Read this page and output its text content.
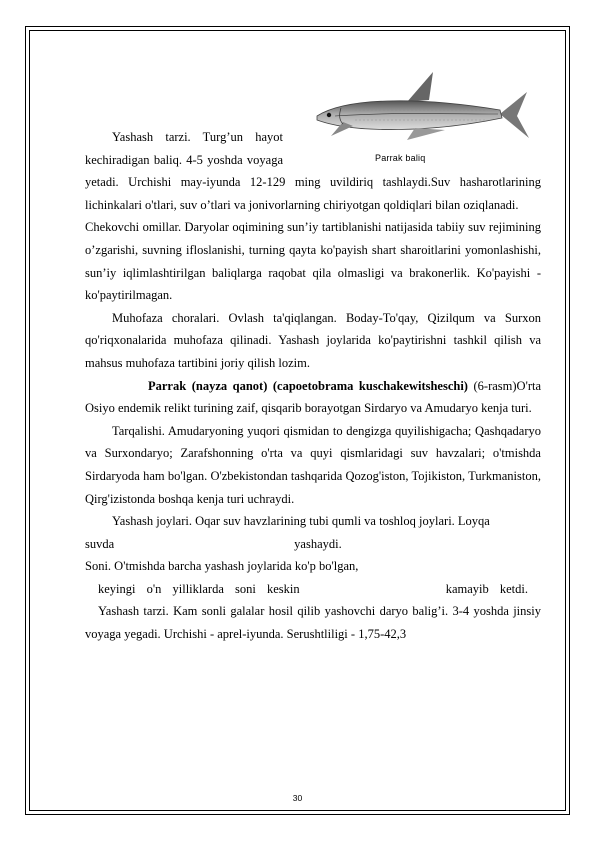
Parrak baliq

Yashash tarzi. Turg’un hayot kechiradigan baliq. 4-5 yoshda voyaga yetadi. Urchishi may-iyunda 12-129 ming uvildiriq tashlaydi.Suv hasharotlarining lichinkalari o'tlari, suv o’tlari va jonivorlarning chiriyotgan qoldiqlari bilan oziqlanadi.

Chekovchi omillar. Daryolar oqimining sun’iy tartiblanishi natijasida tabiiy suv rejimining o’zgarishi, suvning ifloslanishi, turning qayta ko'payish shart sharoitlarini yomonlashishi, sun’iy iqlimlashtirilgan baliqlarga raqobat qila olmasligi va brakonerlik. Ko'payishi - ko'paytirilmagan.

Muhofaza choralari. Ovlash ta'qiqlangan. Boday-To'qay, Qizilqum va Surxon qo'riqxonalarida muhofaza qilinadi. Yashash joylarida ko'paytirishni tashkil qilish va mahsus muhofaza tartibini joriy qilish lozim.

Parrak (nayza qanot) (capoetobrama kuschakewitsheschi) (6-rasm)O'rta Osiyo endemik relikt turining zaif, qisqarib borayotgan Sirdaryo va Amudaryo kenja turi.

Tarqalishi. Amudaryoning yuqori qismidan to dengizga quyilishigacha; Qashqadaryo va Surxondaryo; Zarafshonning o'rta va quyi qismlaridagi suv havzalari; o'tmishda Sirdaryoda ham bo'lgan. O'zbekistondan tashqarida Qozog'iston, Tojikiston, Turkmaniston, Qirg'izistonda boshqa kenja turi uchraydi.

Yashash joylari. Oqar suv havzlarining tubi qumli va toshloq joylari. Loyqa

suvda	yashaydi.

Soni. O'tmishda barcha yashash joylarida ko'p bo'lgan,

keyingi o'n yilliklarda soni keskin	kamayib ketdi.

Yashash tarzi. Kam sonli galalar hosil qilib yashovchi daryo balig’i. 3-4 yoshda jinsiy voyaga yegadi. Urchishi - aprel-iyunda. Serushtliligi - 1,75-42,3

30
